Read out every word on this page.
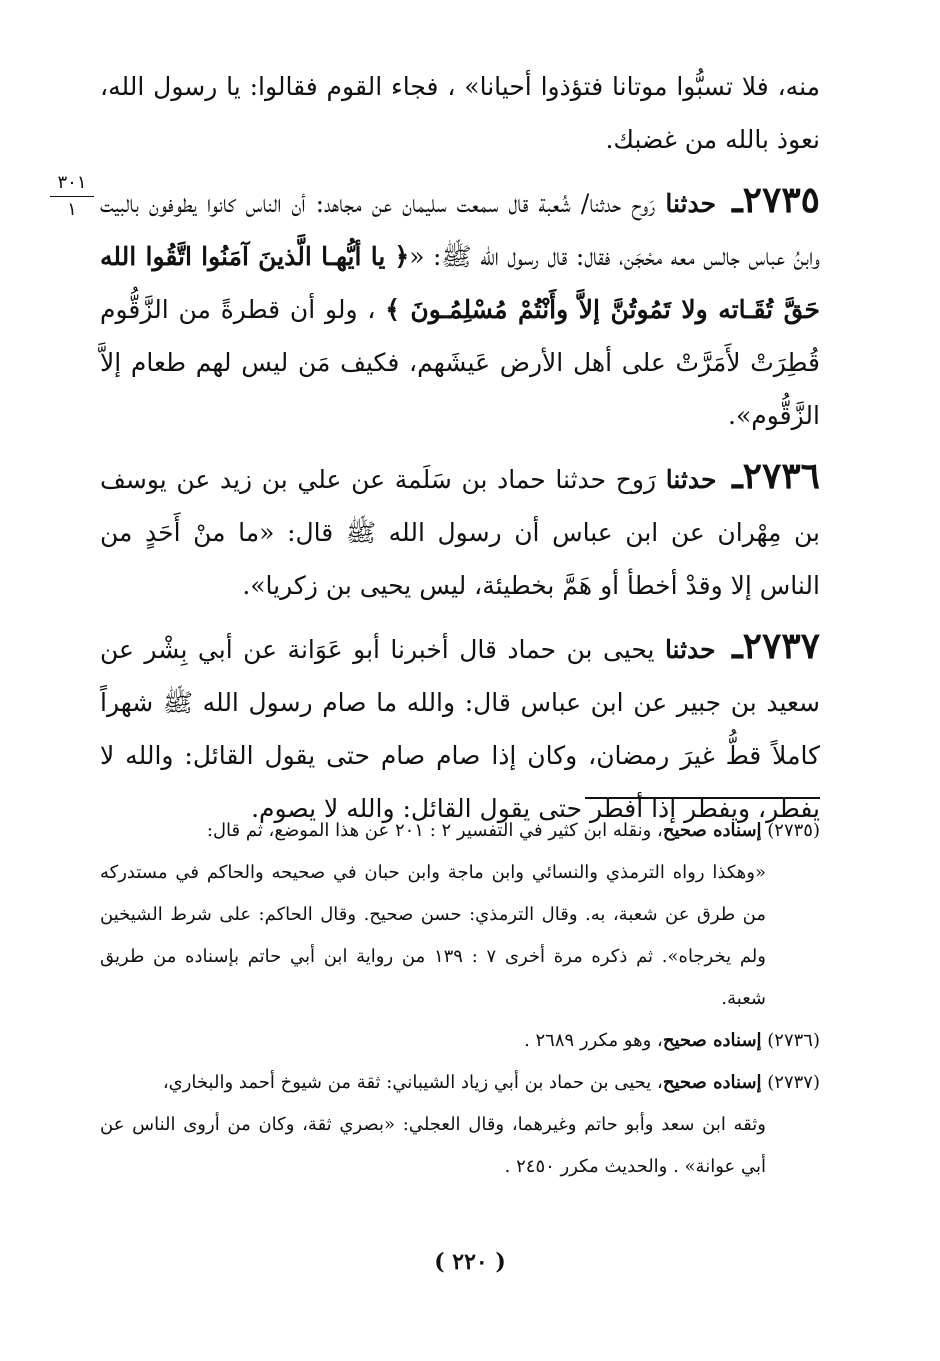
منه، فلا تسبُّوا موتانا فتؤذوا أحيانا» ، فجاء القوم فقالوا: يا رسول الله، نعوذ بالله من غضبك.

٢٧٣٥ـ حدثنا رَوح حدثنا/ شُعبة قال سمعت سليمان عن مجاهد: أن الناس كانوا يطوفون بالبيت وابنُ عباس جالس معه محْجَن، فقال: قال رسول الله ﷺ: «﴿ يا أيُّهـا الَّذينَ آمَنُوا اتَّقُوا الله حَقَّ تُقَـاته ولا تَمُوتُنَّ إلاَّ وأَنْتُمْ مُسْلِمُـونَ ﴾ ، ولو أن قطرةً من الزَّقُّوم قُطِرَتْ لأَمَرَّتْ على أهل الأرض عَيشَهم، فكيف مَن ليس لهم طعام إلاَّ الزَّقُّوم».

٢٧٣٦ـ حدثنا رَوح حدثنا حماد بن سَلَمة عن علي بن زيد عن يوسف بن مِهْران عن ابن عباس أن رسول الله ﷺ قال: «ما منْ أَحَدٍ من الناس إلا وقدْ أخطأ أو هَمَّ بخطيئة، ليس يحيى بن زكريا».

٢٧٣٧ـ حدثنا يحيى بن حماد قال أخبرنا أبو عَوَانة عن أبي بِشْر عن سعيد بن جبير عن ابن عباس قال: والله ما صام رسول الله ﷺ شهراً كاملاً قطُّ غيرَ رمضان، وكان إذا صام صام حتى يقول القائل: والله لا يفطر، ويفطر إذا أفطر حتى يقول القائل: والله لا يصوم.

٣٠١
١

(٢٧٣٥) إسناده صحيح، ونقله ابن كثير في التفسير ٢ : ٢٠١ عن هذا الموضع، ثم قال:
«وهكذا رواه الترمذي والنسائي وابن ماجة وابن حبان في صحيحه والحاكم في مستدركه من طرق عن شعبة، به. وقال الترمذي: حسن صحيح. وقال الحاكم: على شرط الشيخين ولم يخرجاه». ثم ذكره مرة أخرى ٧ : ١٣٩ من رواية ابن أبي حاتم بإسناده من طريق شعبة.

(٢٧٣٦) إسناده صحيح، وهو مكرر ٢٦٨٩ .

(٢٧٣٧) إسناده صحيح، يحيى بن حماد بن أبي زياد الشيباني: ثقة من شيوخ أحمد والبخاري،
وثقه ابن سعد وأبو حاتم وغيرهما، وقال العجلي: «بصري ثقة، وكان من أروى الناس عن أبي عوانة» . والحديث مكرر ٢٤٥٠ .

( ٢٢٠ )
